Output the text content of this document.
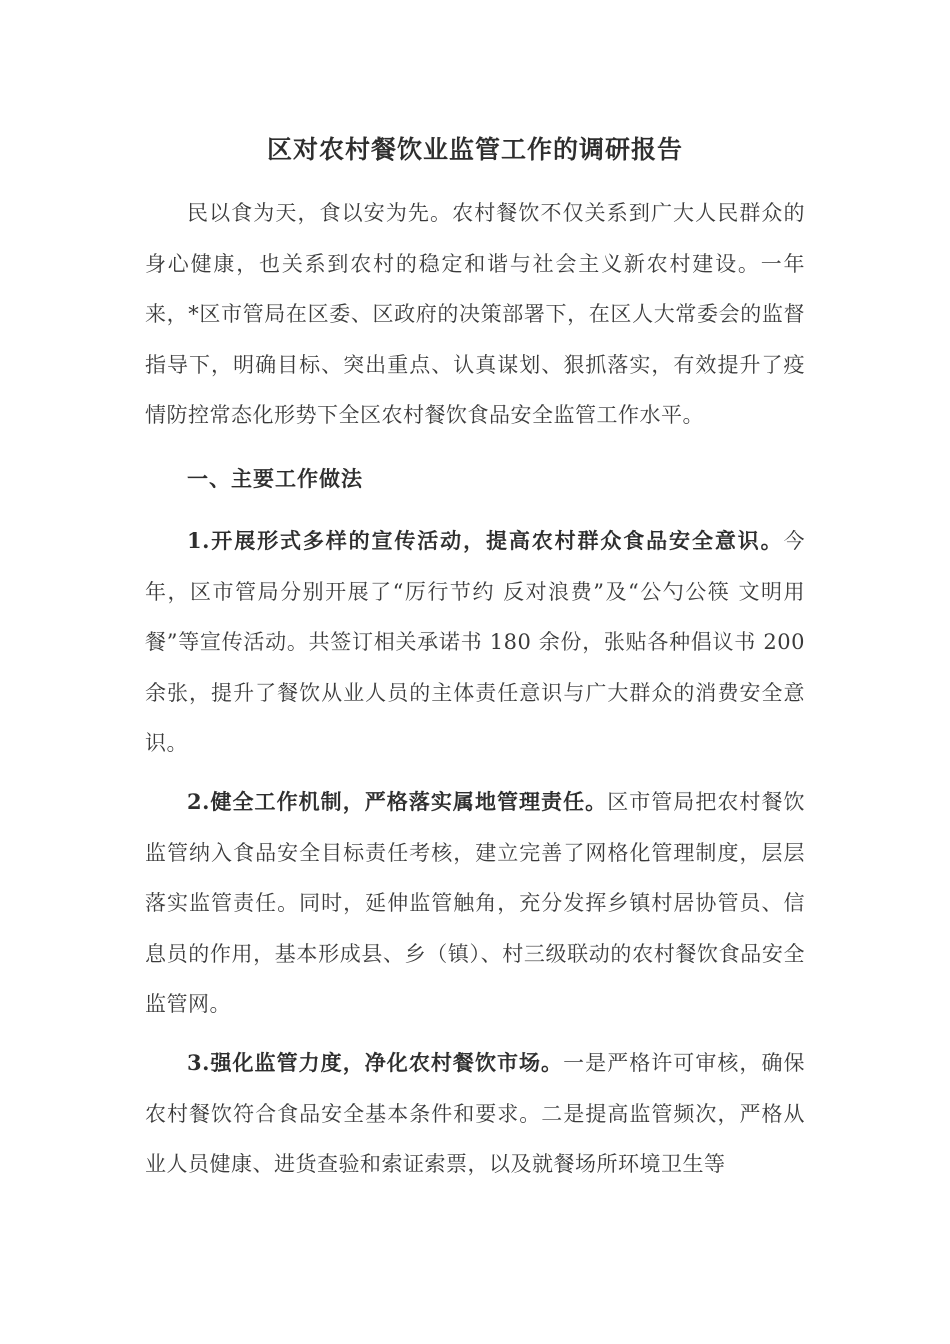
区对农村餐饮业监管工作的调研报告

民以食为天，食以安为先。农村餐饮不仅关系到广大人民群众的身心健康，也关系到农村的稳定和谐与社会主义新农村建设。一年来，*区市管局在区委、区政府的决策部署下，在区人大常委会的监督指导下，明确目标、突出重点、认真谋划、狠抓落实，有效提升了疫情防控常态化形势下全区农村餐饮食品安全监管工作水平。

一、主要工作做法

1.开展形式多样的宣传活动，提高农村群众食品安全意识。今年，区市管局分别开展了“厉行节约 反对浪费”及“公勺公筷 文明用餐”等宣传活动。共签订相关承诺书 180 余份，张贴各种倡议书 200 余张，提升了餐饮从业人员的主体责任意识与广大群众的消费安全意识。

2.健全工作机制，严格落实属地管理责任。区市管局把农村餐饮监管纳入食品安全目标责任考核，建立完善了网格化管理制度，层层落实监管责任。同时，延伸监管触角，充分发挥乡镇村居协管员、信息员的作用，基本形成县、乡（镇）、村三级联动的农村餐饮食品安全监管网。

3.强化监管力度，净化农村餐饮市场。一是严格许可审核，确保农村餐饮符合食品安全基本条件和要求。二是提高监管频次，严格从业人员健康、进货查验和索证索票，以及就餐场所环境卫生等
